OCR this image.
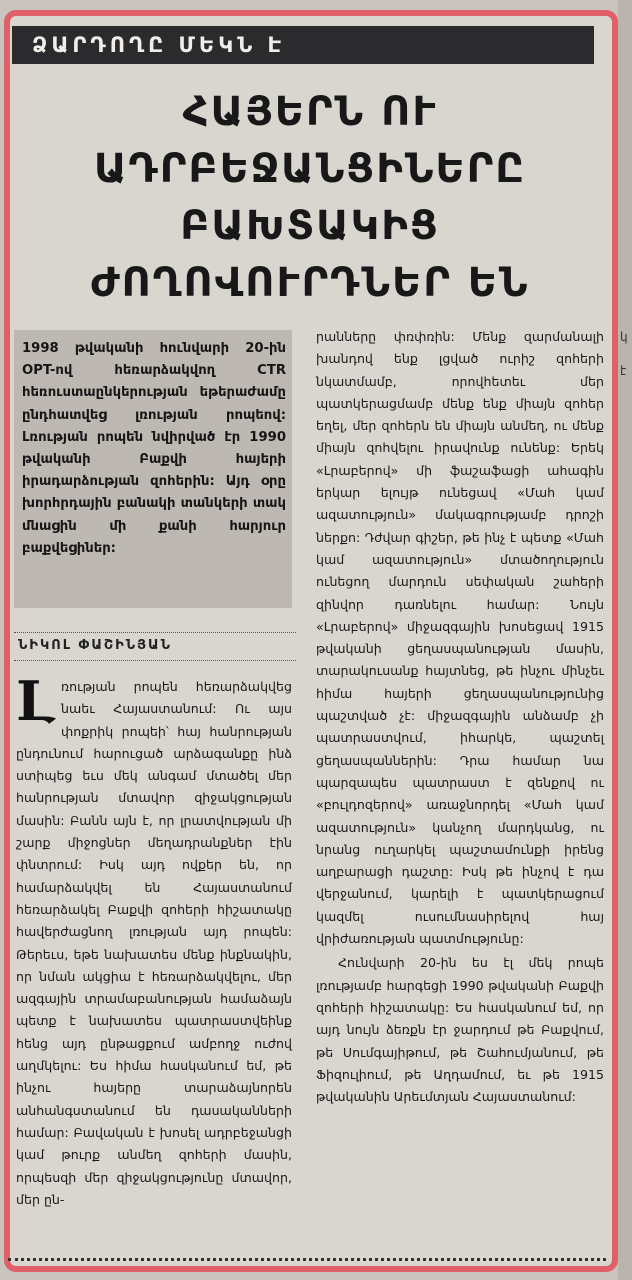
ՁԱՐԴՈՂԸ ՄԵԿՆ Է
ՀԱՅԵՐՆ ՈՒ
ԱԴՐԲԵՋԱՆՑԻՆԵՐԸ
ԲԱԽՏԱԿԻՑ
ԺՈՂՈՎՈՒՐԴՆԵՐ ԵՆ
1998 թվականի հունվարի 20-ին OPT-ով հեռարձակվող CTR հեռուստաընկերության եթերաժամը ընդհատվեց լռության րոպեով: Լռության րոպեն նվիրված էր 1990 թվականի Բաքվի հայերի իրադարձության զոհերին: Այդ օրը խորհրդային բանակի տանկերի տակ մնացին մի քանի հարյուր բաքվեցիներ:
ՆԻԿՈԼ ՓԱՇԻՆՅԱՆ

Լռության րոպեն հեռարձակվեց նաեւ Հայաստանում: Ու այս փոքրիկ րոպեի՝ հայ հանրության ընդունում հարուցած արձագանքը ինձ ստիպեց եւս մեկ անգամ մտածել մեր հանրության մտավոր զիջակցության մասին: Բանն այն է, որ լրատվության մի շարք միջոցներ մեղադրանքներ էին փնտրում: Իսկ այդ ովքեր են, որ համարձակվել են Հայաստանում հեռարձակել Բաքվի զոհերի հիշատակը հավերժացնող լռության այդ րոպեն: Թերեւս, եթե նախատես մենք ինքնակին, որ նման ակցիա է հեռարձակվելու, մեր ազգային տրամաբանության համաձայն պետք է նախատես պատրաստվեինք հենց այդ ընթացքում ամբողջ ուժով աղմկելու: Ես հիմա հասկանում եմ, թե ինչու հայերը տարաձայնորեն անհանգստանում են դասականների համար: Բավական է խոսել ադրբեջանցի կամ թուրք անմեղ զոհերի մասին, որպեսզի մեր զիջակցությունը մտավոր, մեր ըն-

րանները փռփռին: Մենք զարմանալի խանդով ենք լցված ուրիշ զոհերի նկատմամբ, որովհետեւ մեր պատկերացմամբ մենք ենք միայն զոհեր եղել, մեր զոհերն են միայն անմեղ, ու մենք միայն զոհվելու իրավունք ունենք: Երեկ «Լրաբերով» մի ֆաշաֆացի ահագին երկար ելույթ ունեցավ «Մահ կամ ազատություն» մակագրությամբ դրոշի ներքո: Դժվար գիշեր, թե ինչ է պետք «Մահ կամ ազատություն» մտածողություն ունեցող մարդուն սեփական շահերի զինվոր դառնելու համար: Նույն «Լրաբերով» միջազգային խոսեցավ 1915 թվականի ցեղասպանության մասին, տարակուսանք հայտնեց, թե ինչու մինչեւ հիմա հայերի ցեղասպանությունից պաշտված չէ: միջազգային անձամբ չի պատրաստվում, իհարկե, պաշտել ցեղասպաններին: Դրա համար նա պարզապես պատրաստ է զենքով ու «բուլդոզերով» առաջնորդել «Մահ կամ ազատություն» կանչող մարդկանց, ու նրանց ուղարկել պաշտամունքի իրենց աղբարացի դաշտը: Իսկ թե ինչով է դա վերջանում, կարելի է պատկերացում կազմել ուսումնասիրելով հայ վրիժառության պատմությունը:

Հունվարի 20-ին ես էլ մեկ րոպե լռությամբ հարգեցի 1990 թվականի Բաքվի զոհերի հիշատակը: Ես հասկանում եմ, որ այդ նույն ձեռքն էր ջարդում թե Բաքվում, թե Սումգայիթում, թե Շահումյանում, թե Ֆիզուլիում, թե Աղդամում, եւ թե 1915 թվականին Արեւմտյան Հայաստանում:

կ
է
